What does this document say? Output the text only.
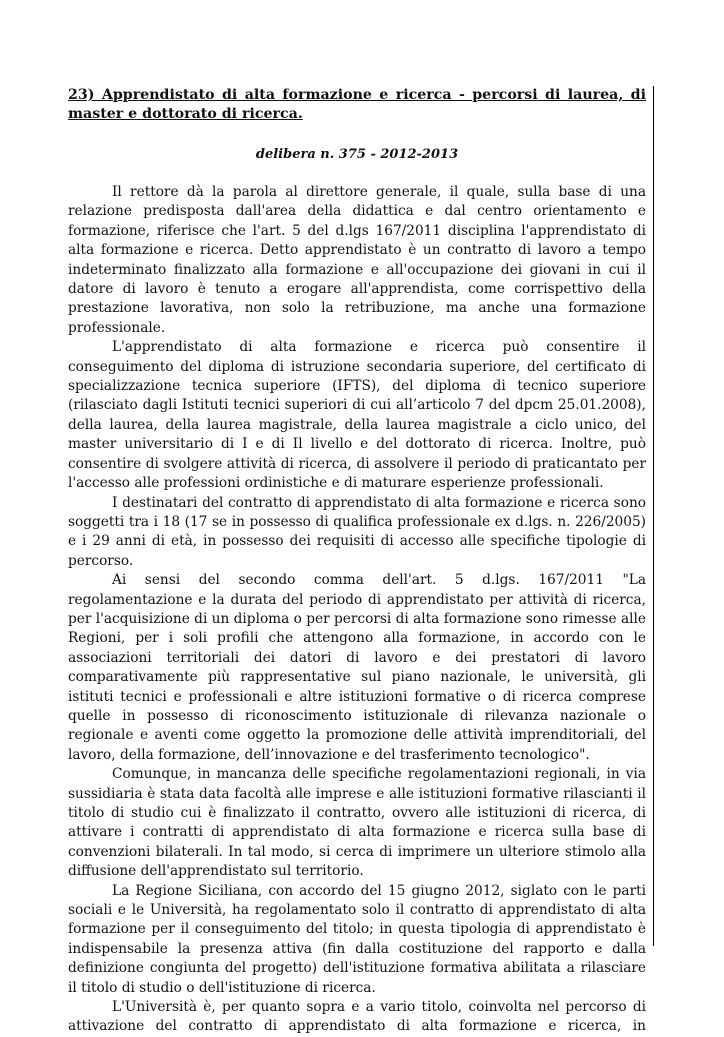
23) Apprendistato di alta formazione e ricerca - percorsi di laurea, di master e dottorato di ricerca.
delibera n. 375 - 2012-2013

Il rettore dà la parola al direttore generale, il quale, sulla base di una relazione predisposta dall'area della didattica e dal centro orientamento e formazione, riferisce che l'art. 5 del d.lgs 167/2011 disciplina l'apprendistato di alta formazione e ricerca. Detto apprendistato è un contratto di lavoro a tempo indeterminato finalizzato alla formazione e all'occupazione dei giovani in cui il datore di lavoro è tenuto a erogare all'apprendista, come corrispettivo della prestazione lavorativa, non solo la retribuzione, ma anche una formazione professionale.

L'apprendistato di alta formazione e ricerca può consentire il conseguimento del diploma di istruzione secondaria superiore, del certificato di specializzazione tecnica superiore (IFTS), del diploma di tecnico superiore (rilasciato dagli Istituti tecnici superiori di cui all’articolo 7 del dpcm 25.01.2008), della laurea, della laurea magistrale, della laurea magistrale a ciclo unico, del master universitario di I e di Il livello e del dottorato di ricerca. Inoltre, può consentire di svolgere attività di ricerca, di assolvere il periodo di praticantato per l'accesso alle professioni ordinistiche e di maturare esperienze professionali.

I destinatari del contratto di apprendistato di alta formazione e ricerca sono soggetti tra i 18 (17 se in possesso di qualifica professionale ex d.lgs. n. 226/2005) e i 29 anni di età, in possesso dei requisiti di accesso alle specifiche tipologie di percorso.

Ai sensi del secondo comma dell'art. 5 d.lgs. 167/2011 "La regolamentazione e la durata del periodo di apprendistato per attività di ricerca, per l'acquisizione di un diploma o per percorsi di alta formazione sono rimesse alle Regioni, per i soli profili che attengono alla formazione, in accordo con le associazioni territoriali dei datori di lavoro e dei prestatori di lavoro comparativamente più rappresentative sul piano nazionale, le università, gli istituti tecnici e professionali e altre istituzioni formative o di ricerca comprese quelle in possesso di riconoscimento istituzionale di rilevanza nazionale o regionale e aventi come oggetto la promozione delle attività imprenditoriali, del lavoro, della formazione, dell’innovazione e del trasferimento tecnologico".

Comunque, in mancanza delle specifiche regolamentazioni regionali, in via sussidiaria è stata data facoltà alle imprese e alle istituzioni formative rilascianti il titolo di studio cui è finalizzato il contratto, ovvero alle istituzioni di ricerca, di attivare i contratti di apprendistato di alta formazione e ricerca sulla base di convenzioni bilaterali. In tal modo, si cerca di imprimere un ulteriore stimolo alla diffusione dell'apprendistato sul territorio.

La Regione Siciliana, con accordo del 15 giugno 2012, siglato con le parti sociali e le Università, ha regolamentato solo il contratto di apprendistato di alta formazione per il conseguimento del titolo; in questa tipologia di apprendistato è indispensabile la presenza attiva (fin dalla costituzione del rapporto e dalla definizione congiunta del progetto) dell'istituzione formativa abilitata a rilasciare il titolo di studio o dell'istituzione di ricerca.

L'Università è, per quanto sopra e a vario titolo, coinvolta nel percorso di attivazione del contratto di apprendistato di alta formazione e ricerca, in
